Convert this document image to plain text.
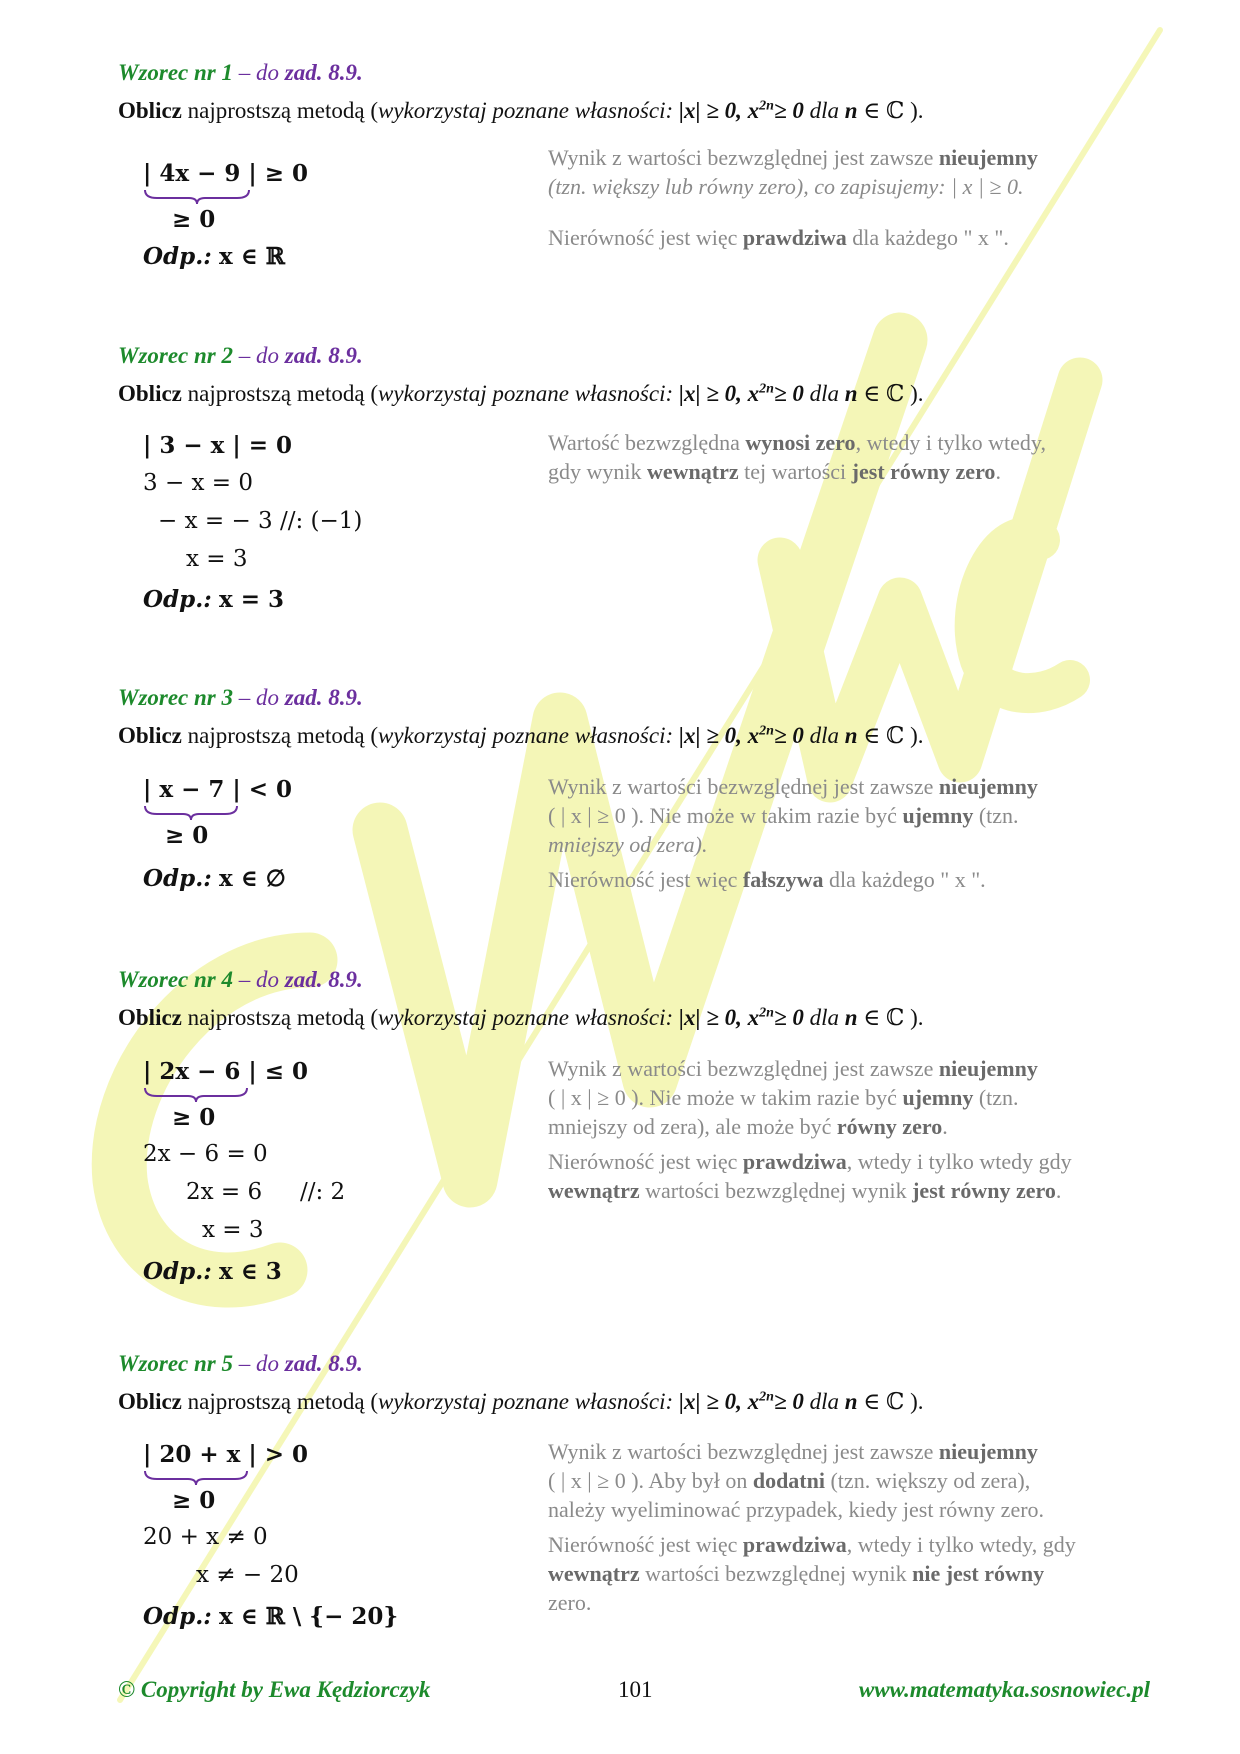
Wzorec nr 1 – do zad. 8.9.
Oblicz najprostszą metodą (wykorzystaj poznane własności: |x| ≥ 0, $x^{2n}\ge 0$ dla n ∈ ℂ ).
| 4x − 9 | ≥ 0
≥ 0
Odp.: x ∈ ℝ
Wynik z wartości bezwzględnej jest zawsze nieujemny
(tzn. większy lub równy zero), co zapisujemy: | x | ≥ 0.
Nierówność jest więc prawdziwa dla każdego " x ".
Wzorec nr 2 – do zad. 8.9.
Oblicz najprostszą metodą (wykorzystaj poznane własności: |x| ≥ 0, $x^{2n}\ge 0$ dla n ∈ ℂ ).
| 3 − x | = 0
3 − x = 0
− x = − 3 //: (−1)
x = 3
Odp.: x = 3
Wartość bezwzględna wynosi zero, wtedy i tylko wtedy,
gdy wynik wewnątrz tej wartości jest równy zero.
Wzorec nr 3 – do zad. 8.9.
Oblicz najprostszą metodą (wykorzystaj poznane własności: |x| ≥ 0, $x^{2n}\ge 0$ dla n ∈ ℂ ).
| x − 7 | < 0
≥ 0
Odp.: x ∈ ∅
Wynik z wartości bezwzględnej jest zawsze nieujemny
( | x | ≥ 0 ). Nie może w takim razie być ujemny (tzn.
mniejszy od zera).
Nierówność jest więc fałszywa dla każdego " x ".
Wzorec nr 4 – do zad. 8.9.
Oblicz najprostszą metodą (wykorzystaj poznane własności: |x| ≥ 0, $x^{2n}\ge 0$ dla n ∈ ℂ ).
| 2x − 6 | ≤ 0
≥ 0
2x − 6 = 0
2x = 6 //: 2
x = 3
Odp.: x ∈ 3
Wynik z wartości bezwzględnej jest zawsze nieujemny
( | x | ≥ 0 ). Nie może w takim razie być ujemny (tzn.
mniejszy od zera), ale może być równy zero.
Nierówność jest więc prawdziwa, wtedy i tylko wtedy gdy
wewnątrz wartości bezwzględnej wynik jest równy zero.
Wzorec nr 5 – do zad. 8.9.
Oblicz najprostszą metodą (wykorzystaj poznane własności: |x| ≥ 0, $x^{2n}\ge 0$ dla n ∈ ℂ ).
| 20 + x | > 0
≥ 0
20 + x ≠ 0
x ≠ − 20
Odp.: x ∈ ℝ \ {− 20}
Wynik z wartości bezwzględnej jest zawsze nieujemny
( | x | ≥ 0 ). Aby był on dodatni (tzn. większy od zera),
należy wyeliminować przypadek, kiedy jest równy zero.
Nierówność jest więc prawdziwa, wtedy i tylko wtedy, gdy
wewnątrz wartości bezwzględnej wynik nie jest równy
zero.
© Copyright by Ewa Kędziorczyk	101	www.matematyka.sosnowiec.pl
